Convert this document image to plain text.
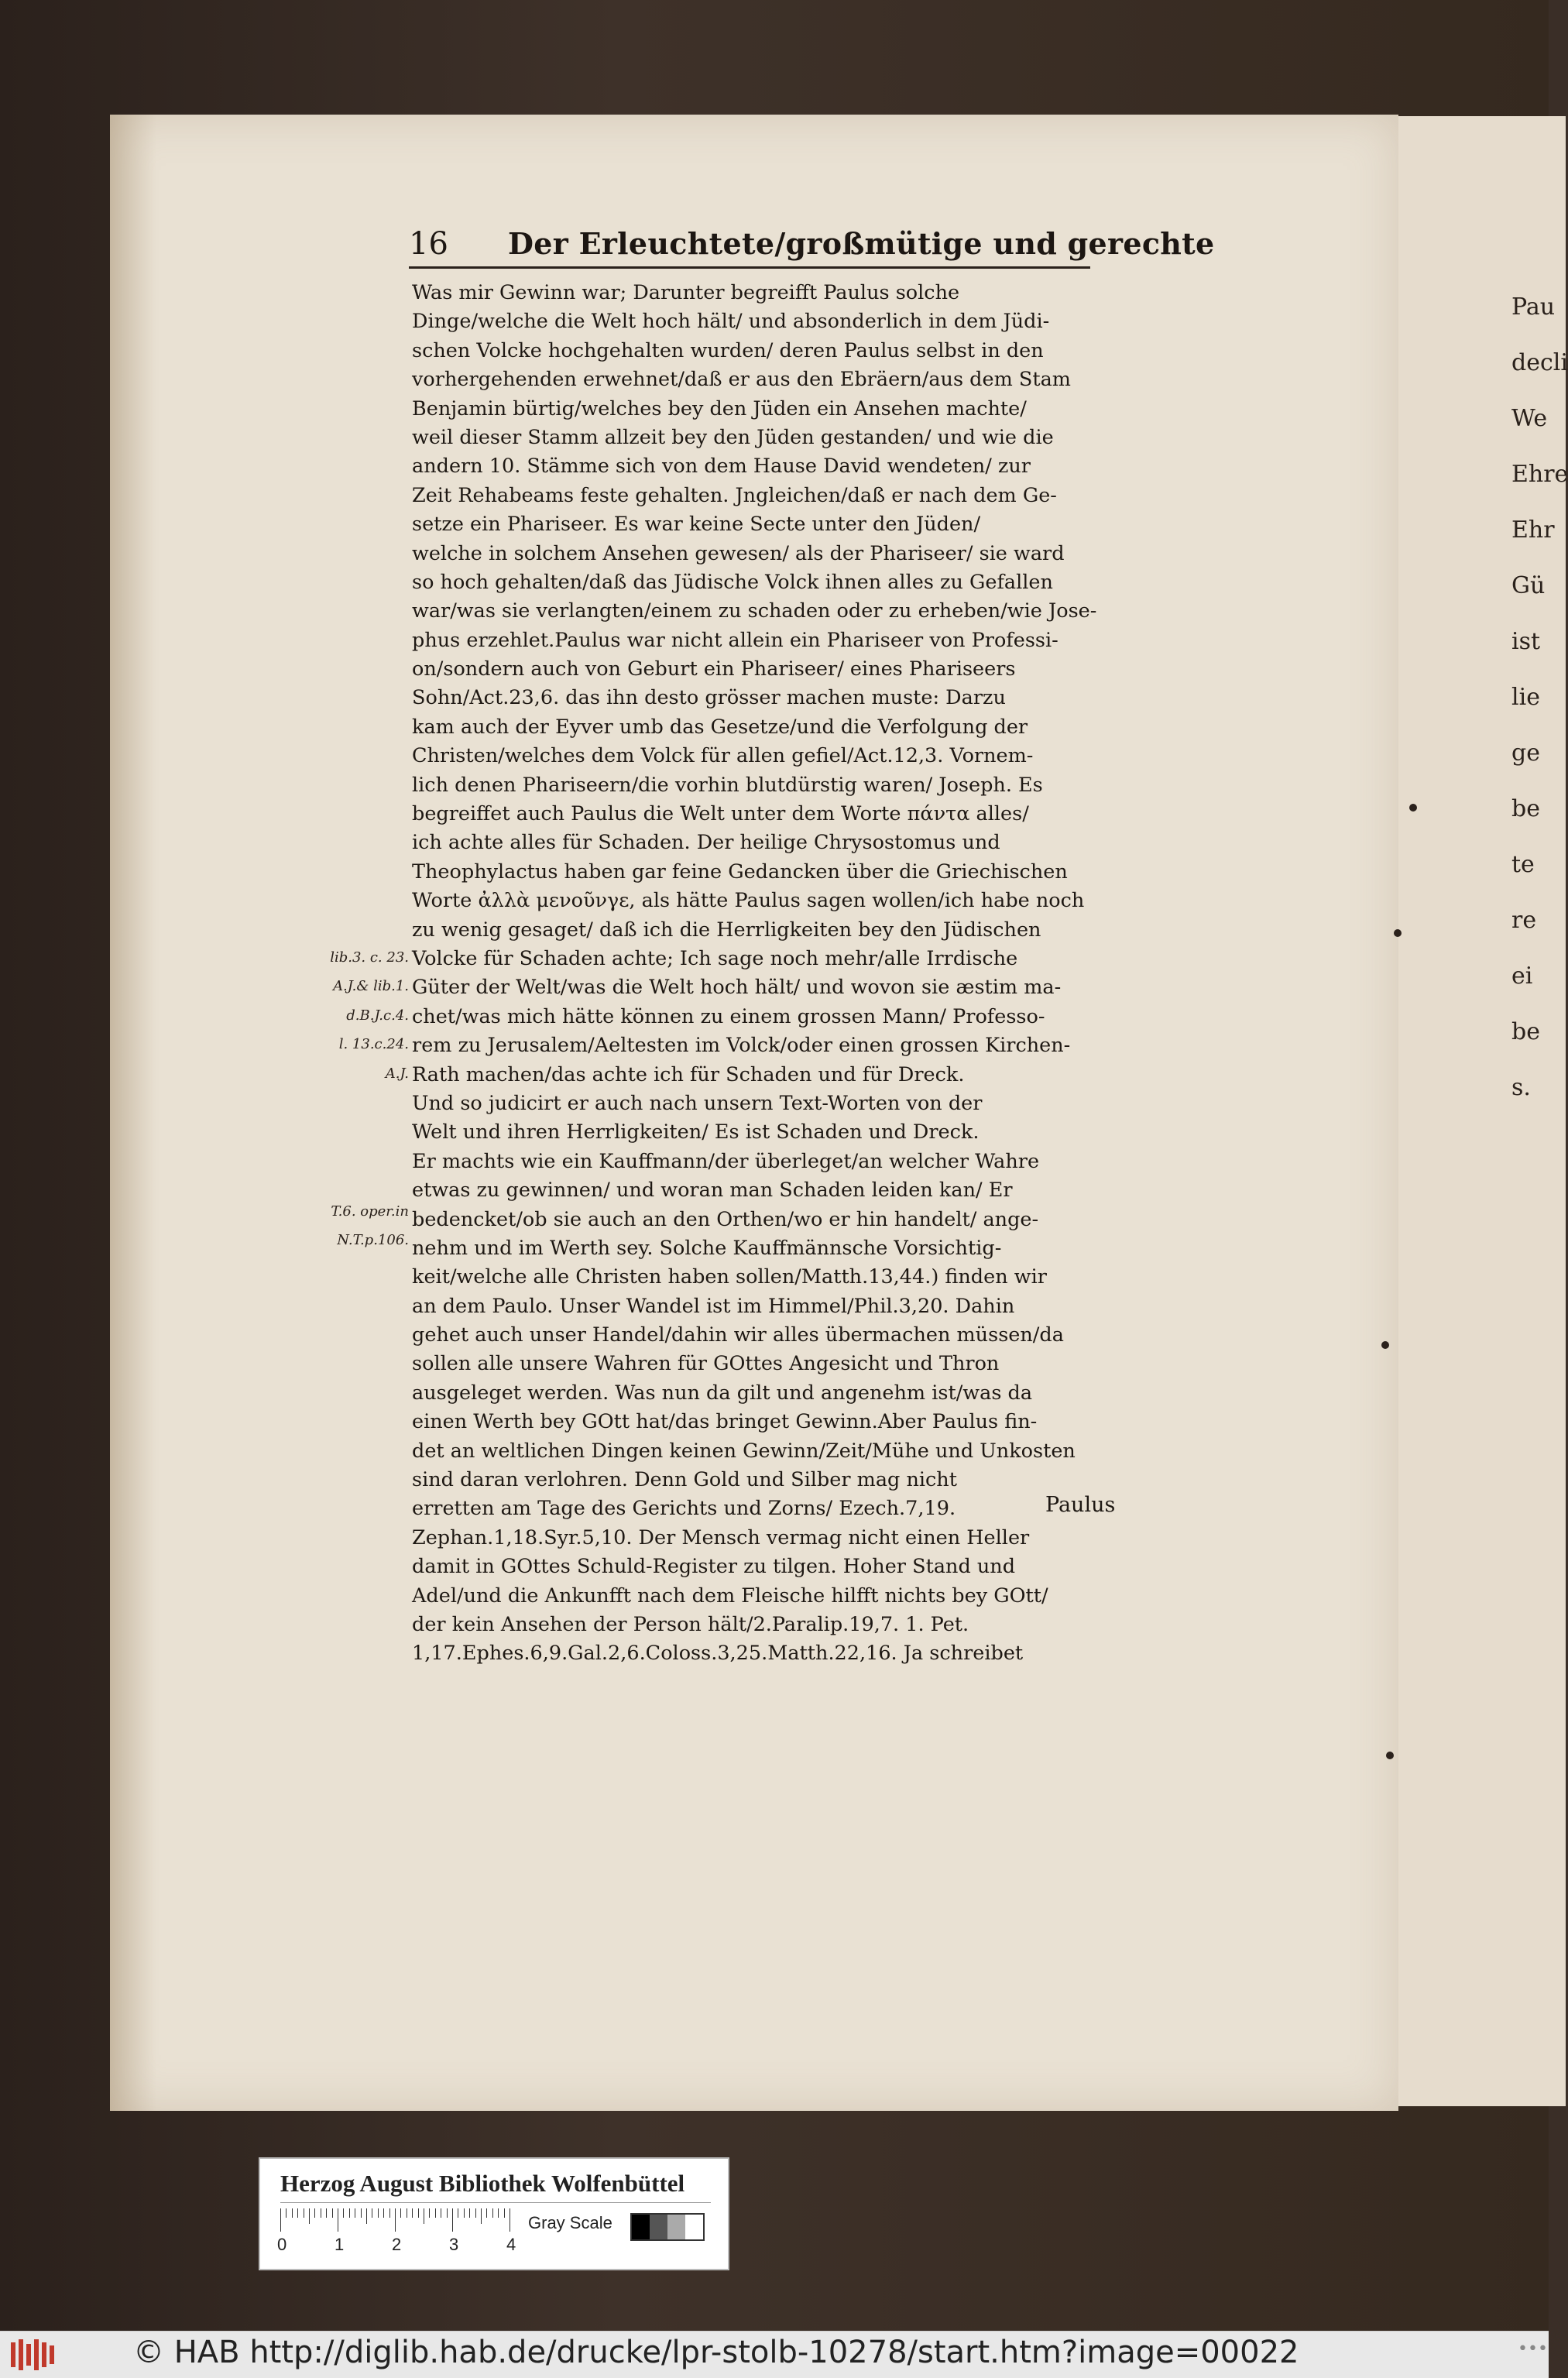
Pau
decli
We
Ehre
Ehr
Gü
ist
lie
ge
be
te
re
ei
be
s.
16 Der Erleuchtete/großmütige und gerechte
lib.3. c. 23.
A.J.& lib.1.
d.B.J.c.4.
l. 13.c.24.
A.J.
T.6. oper.in
N.T.p.106.
Was mir Gewinn war; Darunter begreifft Paulus solche
Dinge/welche die Welt hoch hält/ und absonderlich in dem Jüdi-
schen Volcke hochgehalten wurden/ deren Paulus selbst in den
vorhergehenden erwehnet/daß er aus den Ebräern/aus dem Stam
Benjamin bürtig/welches bey den Jüden ein Ansehen machte/
weil dieser Stamm allzeit bey den Jüden gestanden/ und wie die
andern 10. Stämme sich von dem Hause David wendeten/ zur
Zeit Rehabeams feste gehalten. Jngleichen/daß er nach dem Ge-
setze ein Phariseer. Es war keine Secte unter den Jüden/
welche in solchem Ansehen gewesen/ als der Phariseer/ sie ward
so hoch gehalten/daß das Jüdische Volck ihnen alles zu Gefallen
war/was sie verlangten/einem zu schaden oder zu erheben/wie Jose-
phus erzehlet.Paulus war nicht allein ein Phariseer von Professi-
on/sondern auch von Geburt ein Phariseer/ eines Phariseers
Sohn/Act.23,6. das ihn desto grösser machen muste: Darzu
kam auch der Eyver umb das Gesetze/und die Verfolgung der
Christen/welches dem Volck für allen gefiel/Act.12,3. Vornem-
lich denen Phariseern/die vorhin blutdürstig waren/ Joseph. Es
begreiffet auch Paulus die Welt unter dem Worte πάντα alles/
ich achte alles für Schaden. Der heilige Chrysostomus und
Theophylactus haben gar feine Gedancken über die Griechischen
Worte ἀλλὰ μενοῦνγε, als hätte Paulus sagen wollen/ich habe noch
zu wenig gesaget/ daß ich die Herrligkeiten bey den Jüdischen
Volcke für Schaden achte; Ich sage noch mehr/alle Irrdische
Güter der Welt/was die Welt hoch hält/ und wovon sie æstim ma-
chet/was mich hätte können zu einem grossen Mann/ Professo-
rem zu Jerusalem/Aeltesten im Volck/oder einen grossen Kirchen-
Rath machen/das achte ich für Schaden und für Dreck.
Und so judicirt er auch nach unsern Text-Worten von der
Welt und ihren Herrligkeiten/ Es ist Schaden und Dreck.
Er machts wie ein Kauffmann/der überleget/an welcher Wahre
etwas zu gewinnen/ und woran man Schaden leiden kan/ Er
bedencket/ob sie auch an den Orthen/wo er hin handelt/ ange-
nehm und im Werth sey. Solche Kauffmännsche Vorsichtig-
keit/welche alle Christen haben sollen/Matth.13,44.) finden wir
an dem Paulo. Unser Wandel ist im Himmel/Phil.3,20. Dahin
gehet auch unser Handel/dahin wir alles übermachen müssen/da
sollen alle unsere Wahren für GOttes Angesicht und Thron
ausgeleget werden. Was nun da gilt und angenehm ist/was da
einen Werth bey GOtt hat/das bringet Gewinn.Aber Paulus fin-
det an weltlichen Dingen keinen Gewinn/Zeit/Mühe und Unkosten
sind daran verlohren. Denn Gold und Silber mag nicht
erretten am Tage des Gerichts und Zorns/ Ezech.7,19.
Zephan.1,18.Syr.5,10. Der Mensch vermag nicht einen Heller
damit in GOttes Schuld-Register zu tilgen. Hoher Stand und
Adel/und die Ankunfft nach dem Fleische hilfft nichts bey GOtt/
der kein Ansehen der Person hält/2.Paralip.19,7. 1. Pet.
1,17.Ephes.6,9.Gal.2,6.Coloss.3,25.Matth.22,16. Ja schreibet
Paulus
Herzog August Bibliothek Wolfenbüttel
0	1	2	3	4
Gray Scale
© HAB http://diglib.hab.de/drucke/lpr-stolb-10278/start.htm?image=00022	•••
